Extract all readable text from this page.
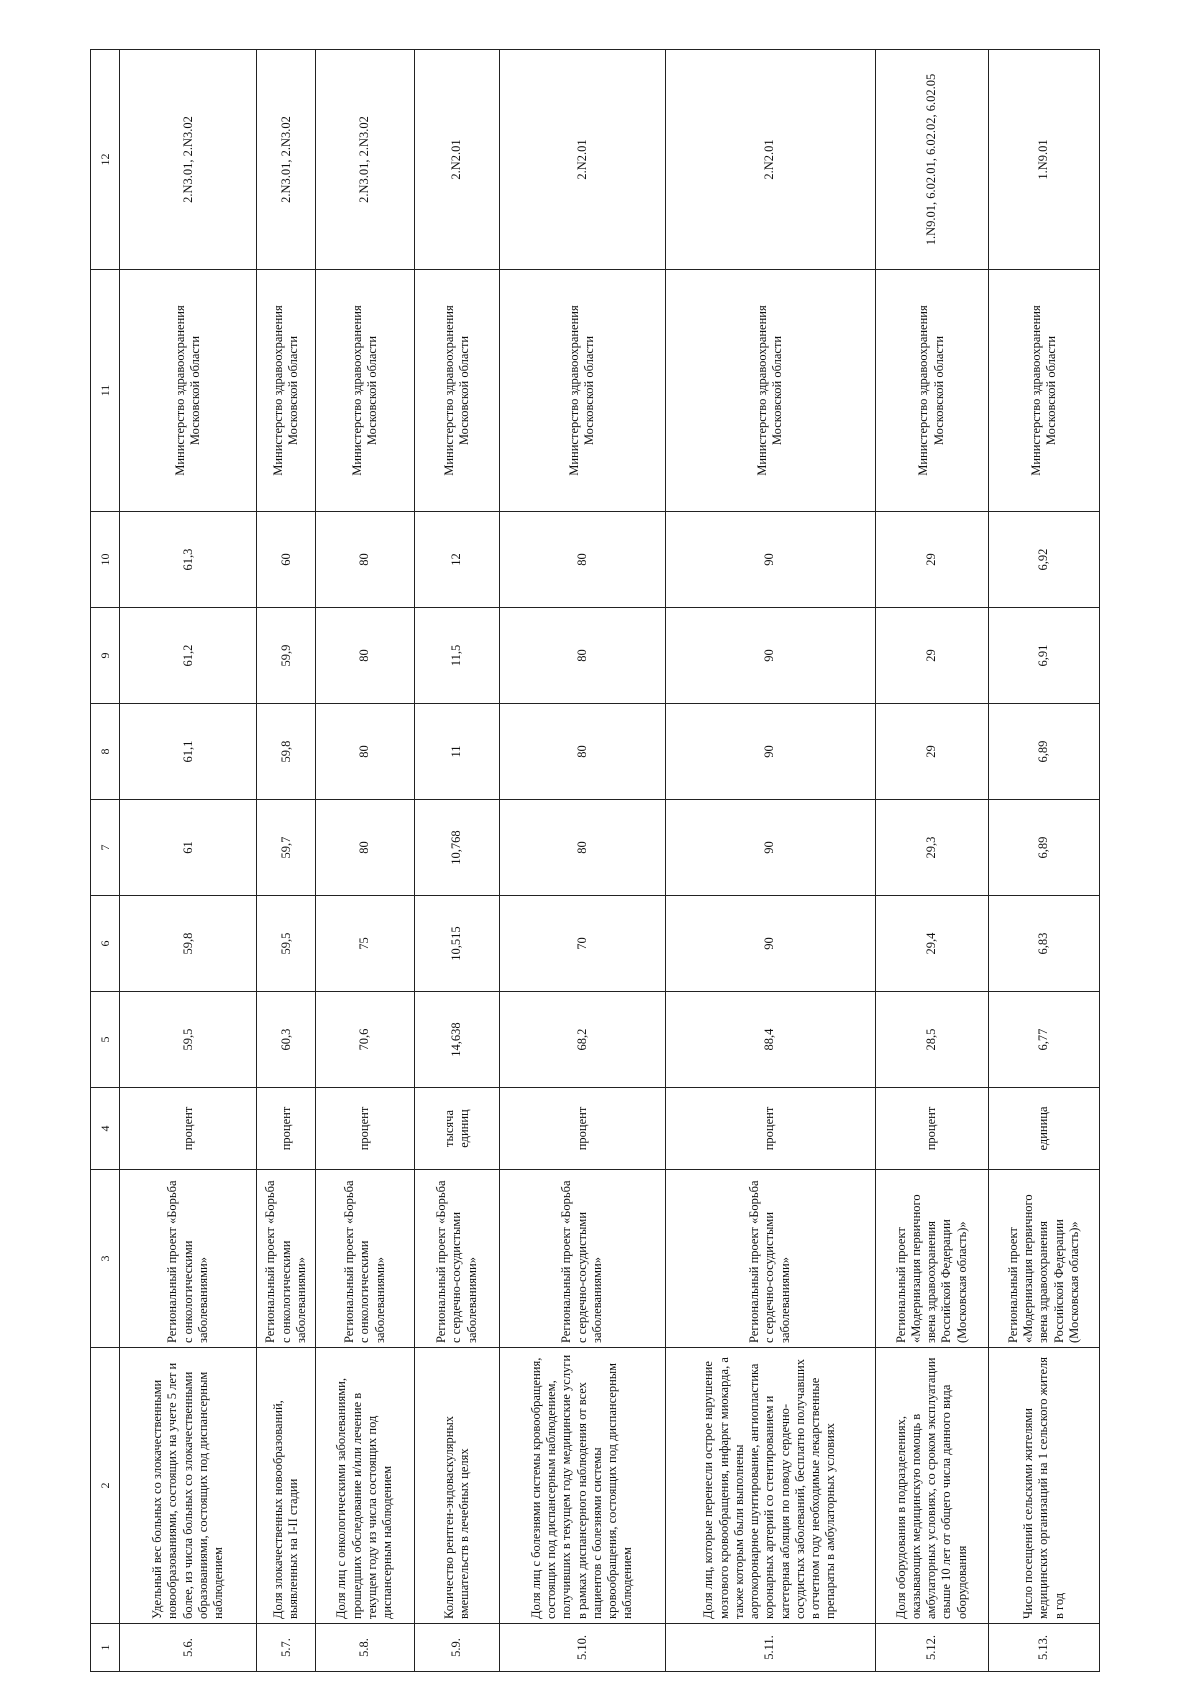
1	2	3	4	5	6	7	8	9	10	11	12
5.6.	Удельный вес больных со злокачественными новообразованиями, состоящих на учете 5 лет и более, из числа больных со злокачественными образованиями, состоящих под диспансерным наблюдением	Региональный проект «Борьба с онкологическими заболеваниями»	процент	59,5	59,8	61	61,1	61,2	61,3	Министерство здравоохранения Московской области	2.N3.01, 2.N3.02
5.7.	Доля злокачественных новообразований, выявленных на I-II стадии	Региональный проект «Борьба с онкологическими заболеваниями»	процент	60,3	59,5	59,7	59,8	59,9	60	Министерство здравоохранения Московской области	2.N3.01, 2.N3.02
5.8.	Доля лиц с онкологическими заболеваниями, прошедших обследование и/или лечение в текущем году из числа состоящих под диспансерным наблюдением	Региональный проект «Борьба с онкологическими заболеваниями»	процент	70,6	75	80	80	80	80	Министерство здравоохранения Московской области	2.N3.01, 2.N3.02
5.9.	Количество рентген-эндоваскулярных вмешательств в лечебных целях	Региональный проект «Борьба с сердечно-сосудистыми заболеваниями»	тысяча единиц	14,638	10,515	10,768	11	11,5	12	Министерство здравоохранения Московской области	2.N2.01
5.10.	Доля лиц с болезнями системы кровообращения, состоящих под диспансерным наблюдением, получивших в текущем году медицинские услуги в рамках диспансерного наблюдения от всех пациентов с болезнями системы кровообращения, состоящих под диспансерным наблюдением	Региональный проект «Борьба с сердечно-сосудистыми заболеваниями»	процент	68,2	70	80	80	80	80	Министерство здравоохранения Московской области	2.N2.01
5.11.	Доля лиц, которые перенесли острое нарушение мозгового кровообращения, инфаркт миокарда, а также которым были выполнены аортокоронарное шунтирование, ангиопластика коронарных артерий со стентированием и катетерная абляция по поводу сердечно-сосудистых заболеваний, бесплатно получавших в отчетном году необходимые лекарственные препараты в амбулаторных условиях	Региональный проект «Борьба с сердечно-сосудистыми заболеваниями»	процент	88,4	90	90	90	90	90	Министерство здравоохранения Московской области	2.N2.01
5.12.	Доля оборудования в подразделениях, оказывающих медицинскую помощь в амбулаторных условиях, со сроком эксплуатации свыше 10 лет от общего числа данного вида оборудования	Региональный проект «Модернизация первичного звена здравоохранения Российской Федерации (Московская область)»	процент	28,5	29,4	29,3	29	29	29	Министерство здравоохранения Московской области	1.N9.01, 6.02.01, 6.02.02, 6.02.05
5.13.	Число посещений сельскими жителями медицинских организаций на 1 сельского жителя в год	Региональный проект «Модернизация первичного звена здравоохранения Российской Федерации (Московская область)»	единица	6,77	6,83	6,89	6,89	6,91	6,92	Министерство здравоохранения Московской области	1.N9.01
